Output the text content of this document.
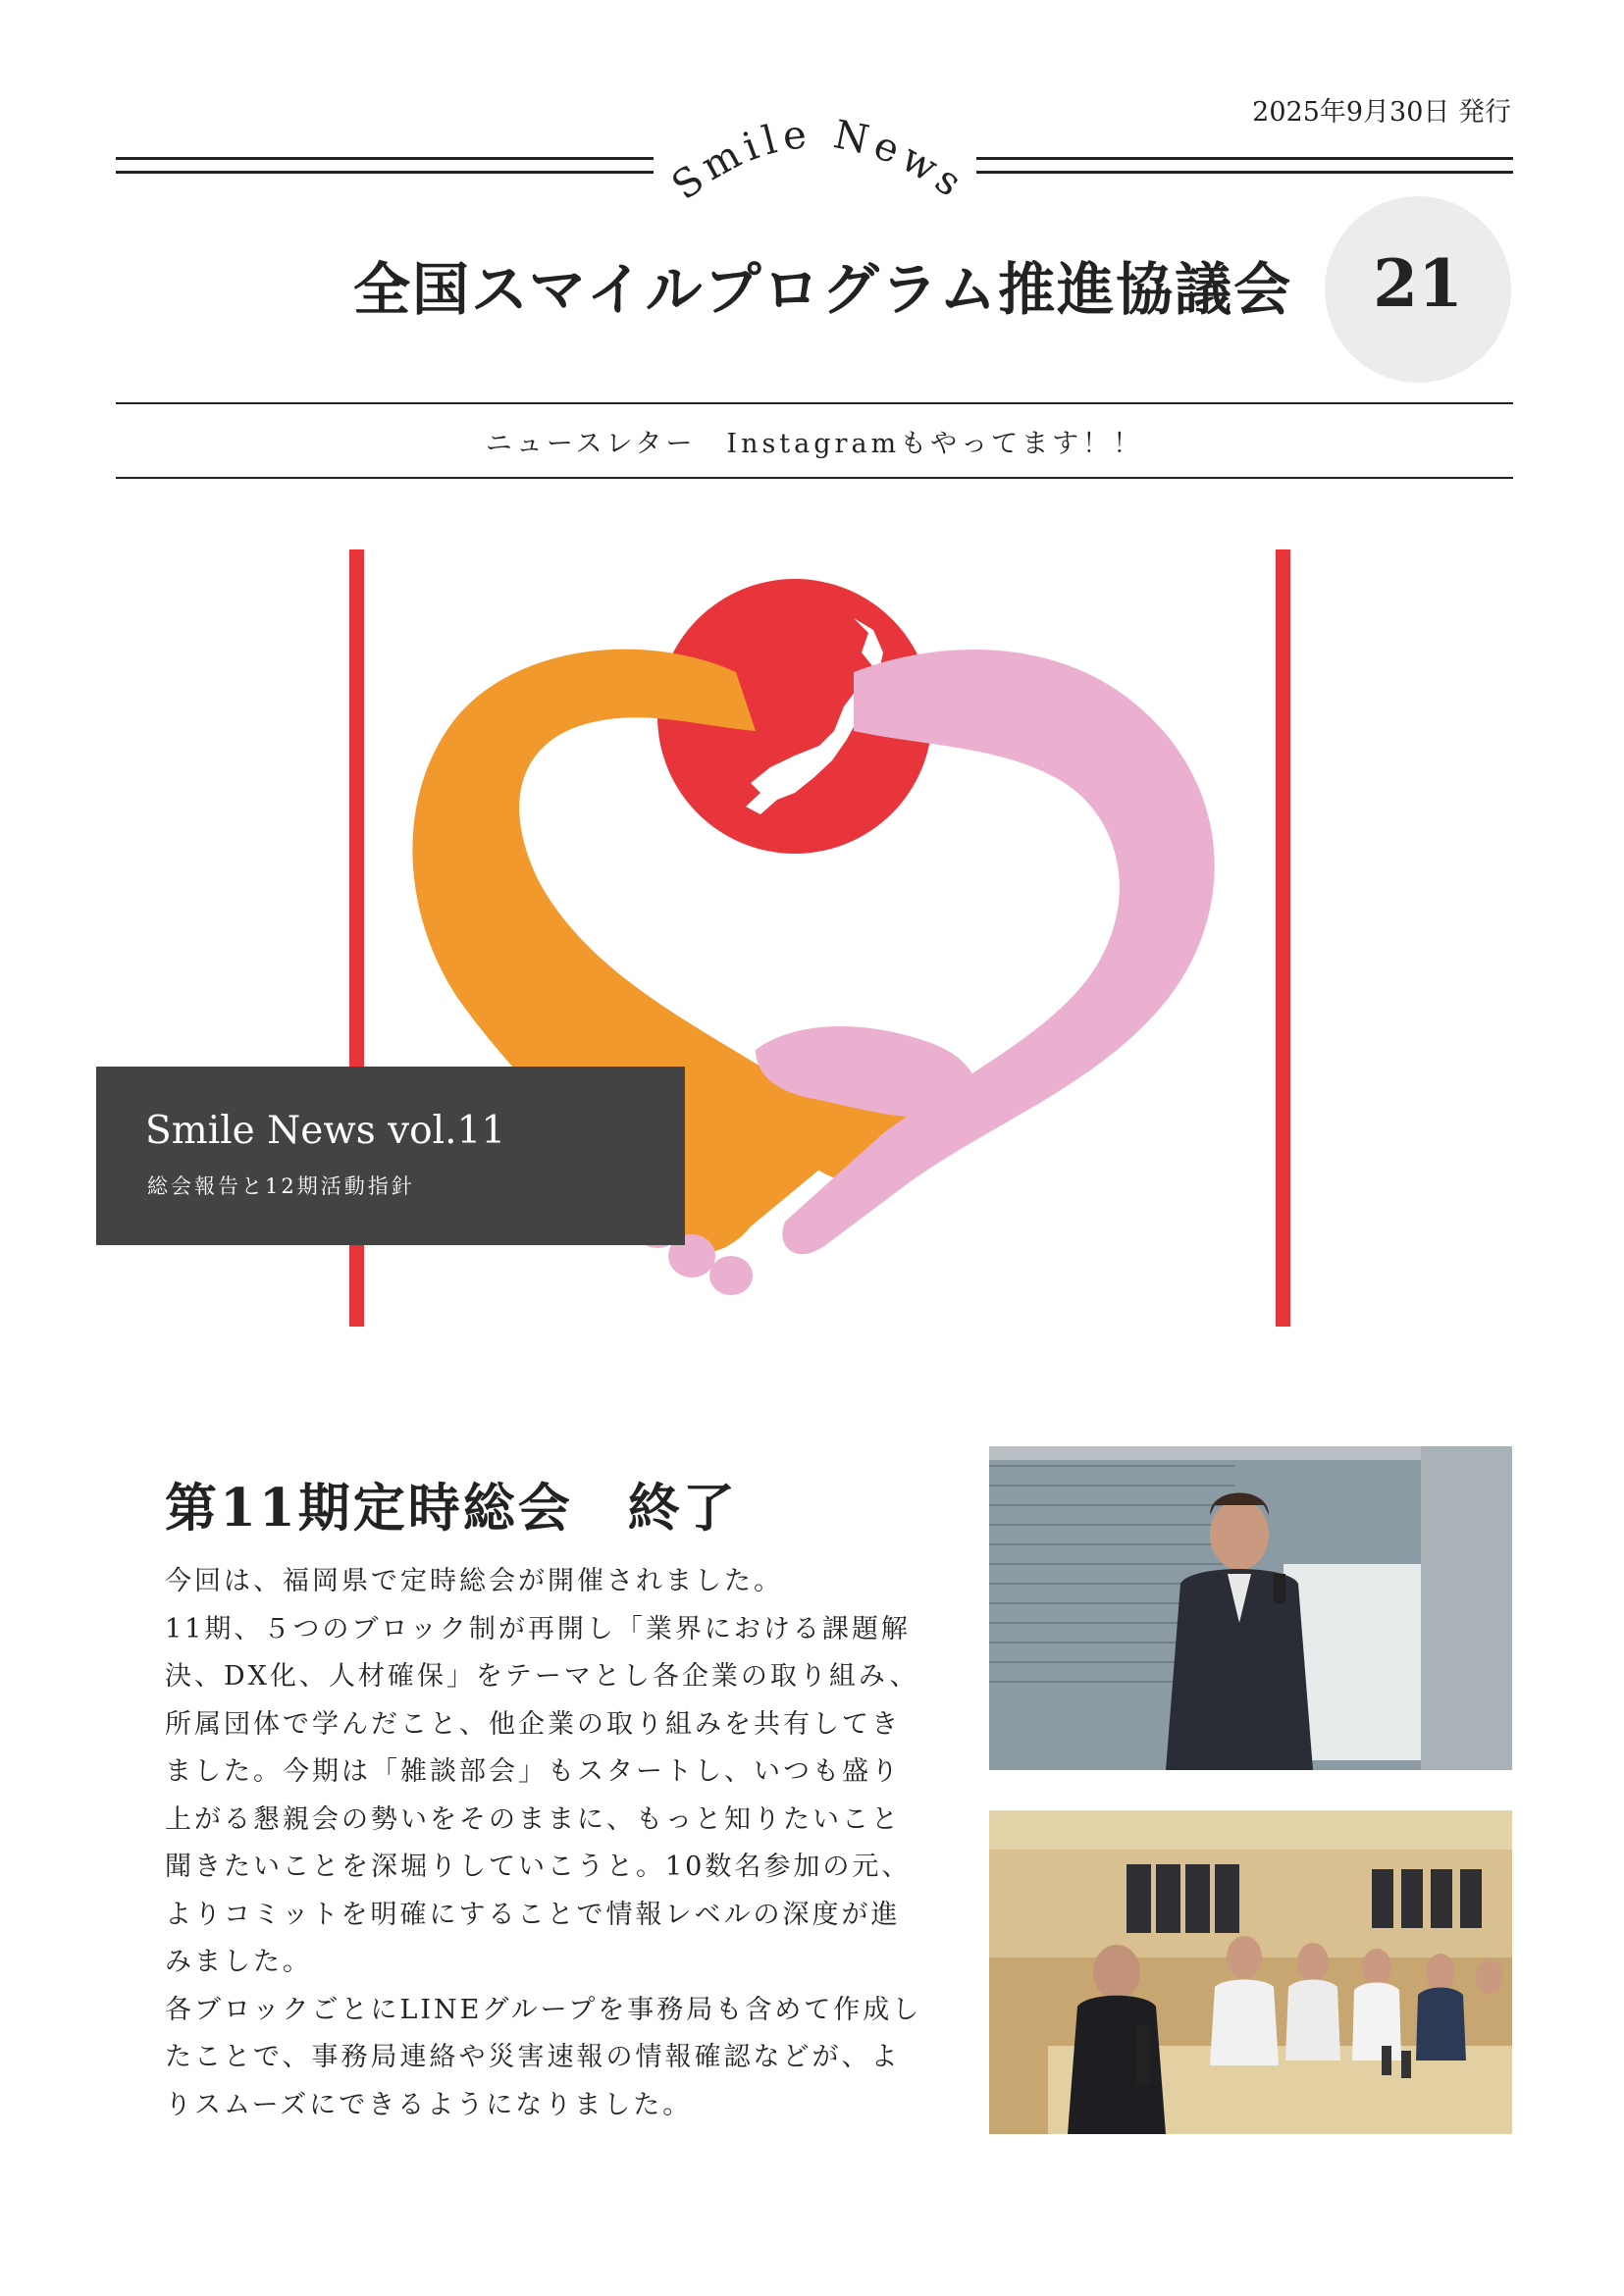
2025年9月30日 発行
Smile News
全国スマイルプログラム推進協議会	21
ニュースレター　Instagramもやってます！！
Smile News vol.11
総会報告と12期活動指針
第11期定時総会　終了

今回は、福岡県で定時総会が開催されました。

11期、５つのブロック制が再開し「業界における課題解

決、DX化、人材確保」をテーマとし各企業の取り組み、

所属団体で学んだこと、他企業の取り組みを共有してき

ました。今期は「雑談部会」もスタートし、いつも盛り

上がる懇親会の勢いをそのままに、もっと知りたいこと

聞きたいことを深堀りしていこうと。10数名参加の元、

よりコミットを明確にすることで情報レベルの深度が進

みました。

各ブロックごとにLINEグループを事務局も含めて作成し

たことで、事務局連絡や災害速報の情報確認などが、よ

りスムーズにできるようになりました。
